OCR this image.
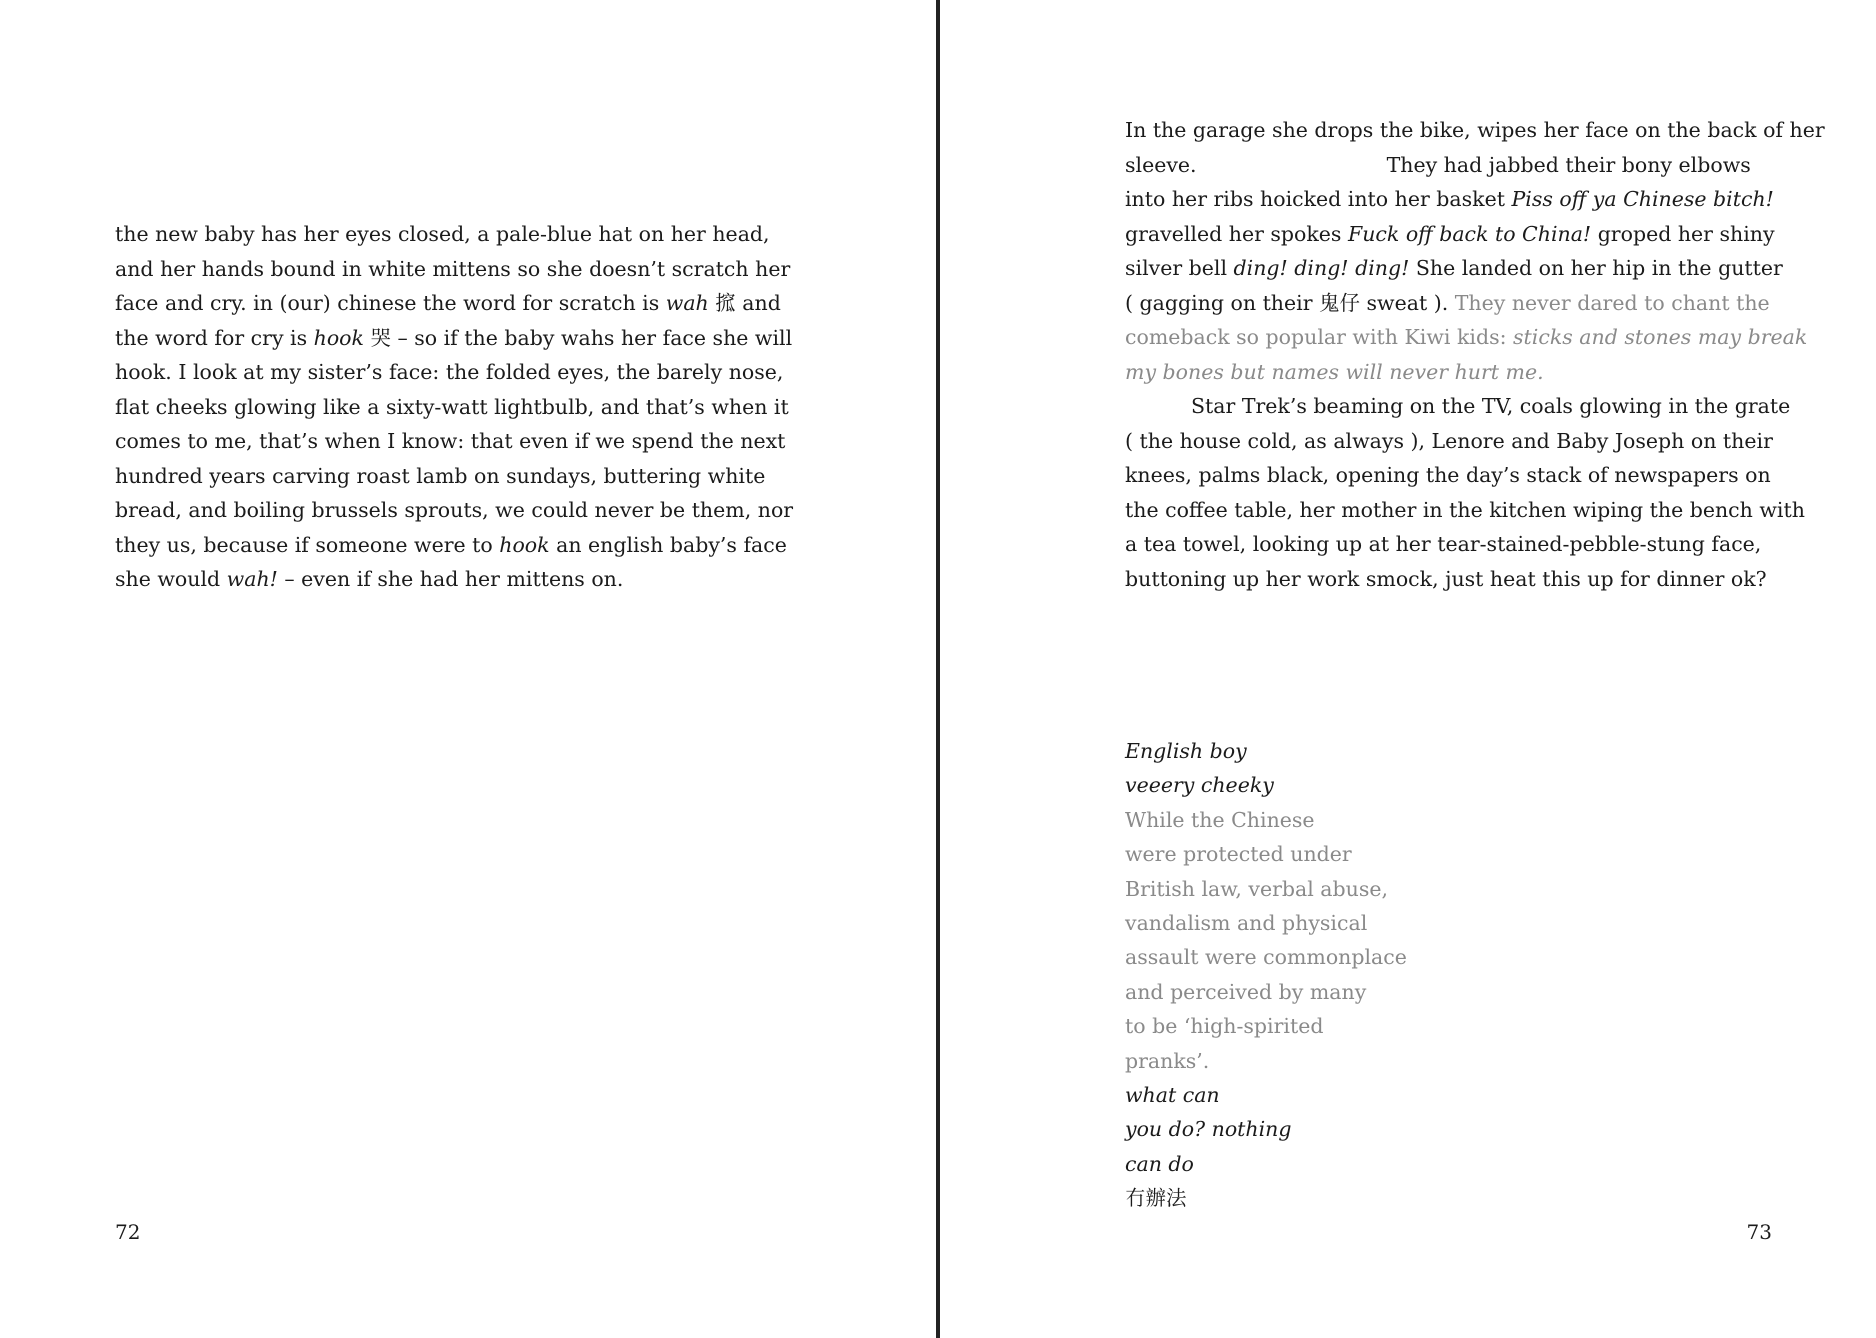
the new baby has her eyes closed, a pale-blue hat on her head,
and her hands bound in white mittens so she doesn’t scratch her
face and cry. in (our) chinese the word for scratch is wah 搲 and
the word for cry is hook 哭 – so if the baby wahs her face she will
hook. I look at my sister’s face: the folded eyes, the barely nose,
flat cheeks glowing like a sixty-watt lightbulb, and that’s when it
comes to me, that’s when I know: that even if we spend the next
hundred years carving roast lamb on sundays, buttering white
bread, and boiling brussels sprouts, we could never be them, nor
they us, because if someone were to hook an english baby’s face
she would wah! – even if she had her mittens on.
72
In the garage she drops the bike, wipes her face on the back of her
sleeve.	They had jabbed their bony elbows
into her ribs hoicked into her basket Piss off ya Chinese bitch!
gravelled her spokes Fuck off back to China! groped her shiny
silver bell ding! ding! ding! She landed on her hip in the gutter
( gagging on their 鬼仔 sweat ). They never dared to chant the
comeback so popular with Kiwi kids: sticks and stones may break
my bones but names will never hurt me.
Star Trek’s beaming on the TV, coals glowing in the grate
( the house cold, as always ), Lenore and Baby Joseph on their
knees, palms black, opening the day’s stack of newspapers on
the coffee table, her mother in the kitchen wiping the bench with
a tea towel, looking up at her tear-stained-pebble-stung face,
buttoning up her work smock, just heat this up for dinner ok?
English boy
veeery cheeky
While the Chinese
were protected under
British law, verbal abuse,
vandalism and physical
assault were commonplace
and perceived by many
to be ‘high-spirited
pranks’.
what can
you do? nothing
can do
冇辦法
73
